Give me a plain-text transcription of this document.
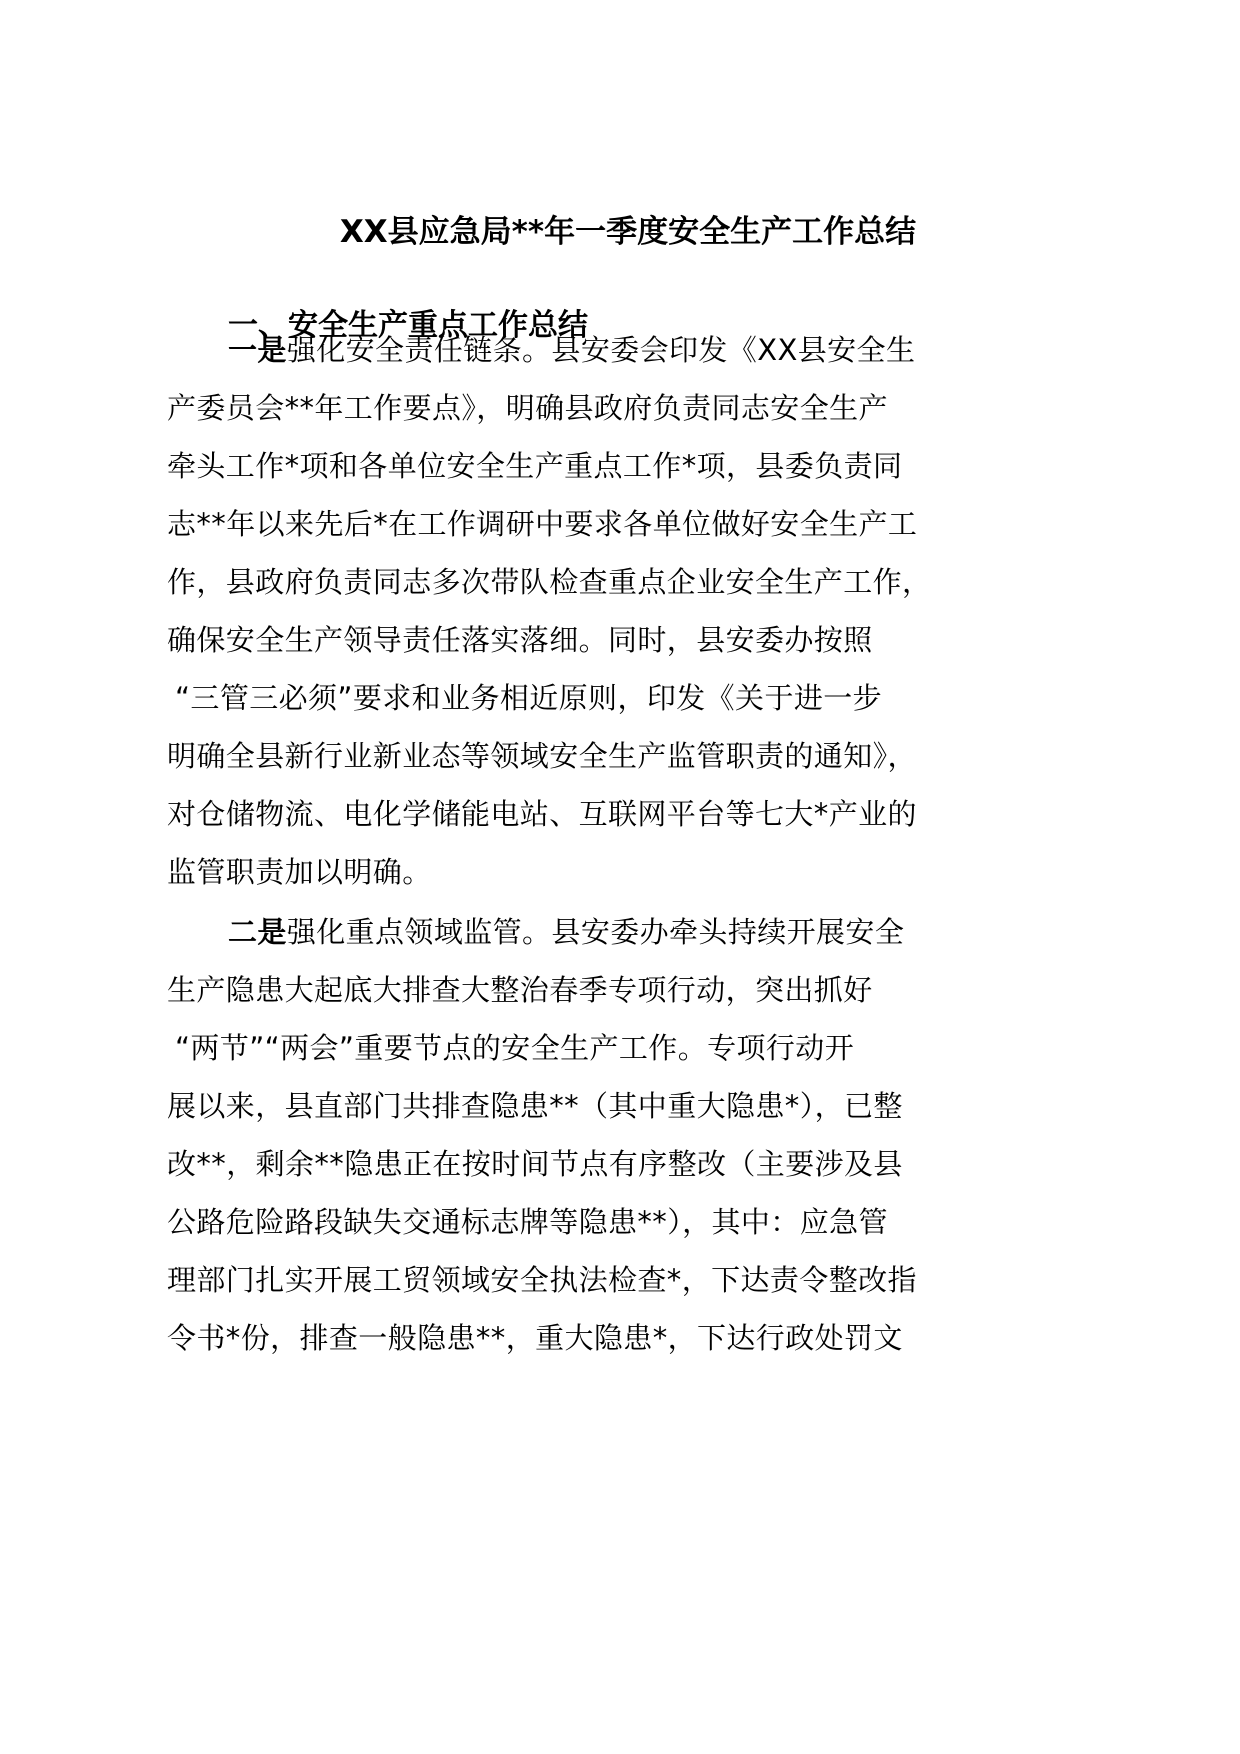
XX县应急局**年一季度安全生产工作总结
一、安全生产重点工作总结
一是强化安全责任链条。县安委会印发《XX县安全生
产委员会**年工作要点》，明确县政府负责同志安全生产
牵头工作*项和各单位安全生产重点工作*项，县委负责同
志**年以来先后*在工作调研中要求各单位做好安全生产工
作，县政府负责同志多次带队检查重点企业安全生产工作，
确保安全生产领导责任落实落细。同时，县安委办按照
“三管三必须”要求和业务相近原则，印发《关于进一步
明确全县新行业新业态等领域安全生产监管职责的通知》，
对仓储物流、电化学储能电站、互联网平台等七大*产业的
监管职责加以明确。
二是强化重点领域监管。县安委办牵头持续开展安全
生产隐患大起底大排查大整治春季专项行动，突出抓好
“两节”“两会”重要节点的安全生产工作。专项行动开
展以来，县直部门共排查隐患**（其中重大隐患*），已整
改**，剩余**隐患正在按时间节点有序整改（主要涉及县
公路危险路段缺失交通标志牌等隐患**），其中：应急管
理部门扎实开展工贸领域安全执法检查*，下达责令整改指
令书*份，排查一般隐患**，重大隐患*，下达行政处罚文
